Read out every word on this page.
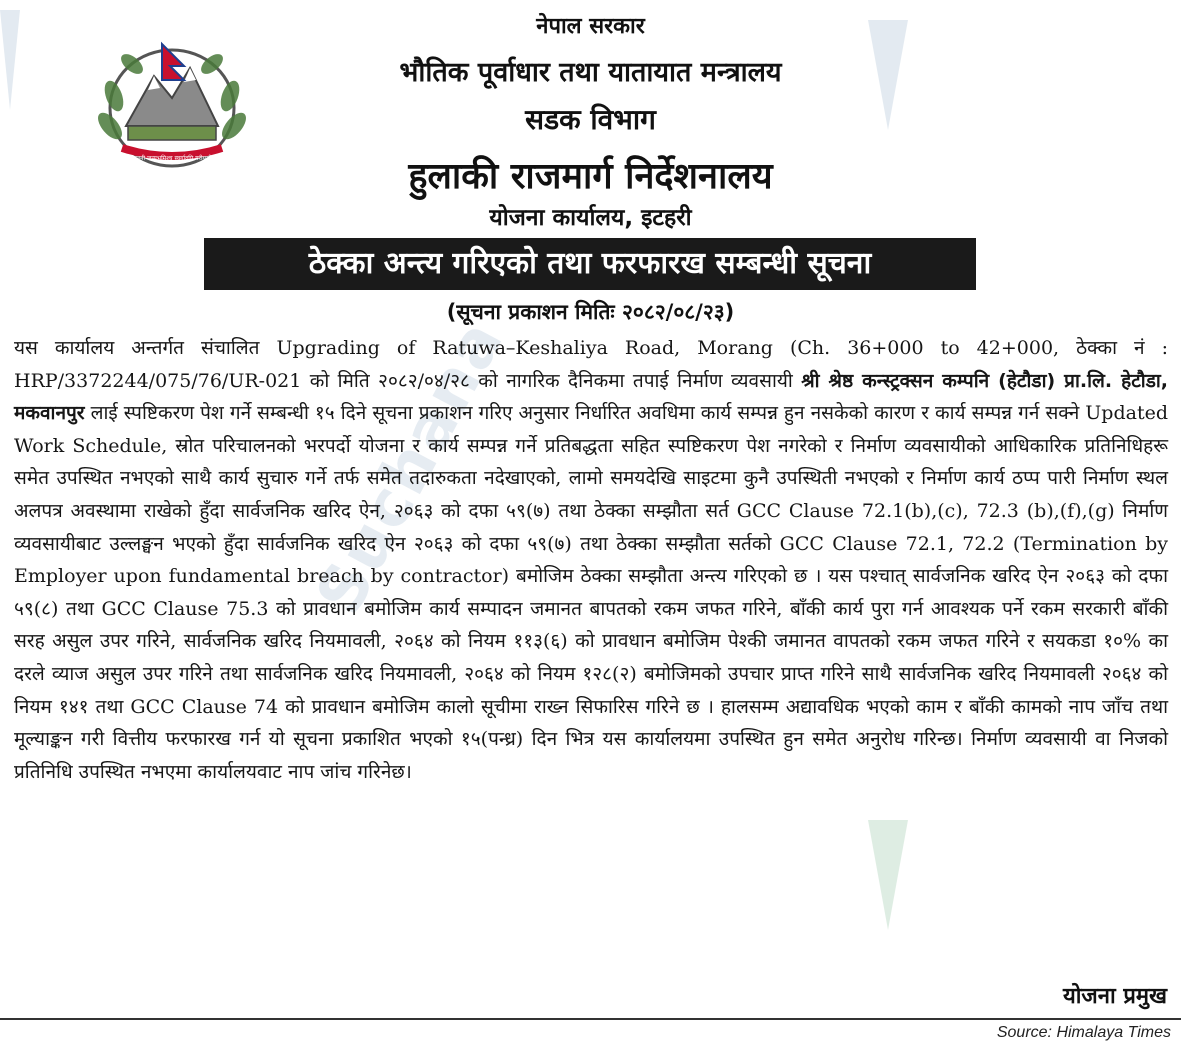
Suchana
जननी जन्मभूमिश्च स्वर्गादपि गरीयसी
नेपाल सरकार
भौतिक पूर्वाधार तथा यातायात मन्त्रालय
सडक विभाग
हुलाकी राजमार्ग निर्देशनालय
योजना कार्यालय, इटहरी
ठेक्का अन्त्य गरिएको तथा फरफारख सम्बन्धी सूचना
(सूचना प्रकाशन मितिः २०८२/०८/२३)
यस कार्यालय अन्तर्गत संचालित Upgrading of Ratuwa–Keshaliya Road, Morang (Ch. 36+000 to 42+000, ठेक्का नं : HRP/3372244/075/76/UR-021 को मिति २०८२/०४/२८ को नागरिक दैनिकमा तपाई निर्माण व्यवसायी श्री श्रेष्ठ कन्स्ट्रक्सन कम्पनि (हेटौडा) प्रा.लि. हेटौडा, मकवानपुर लाई स्पष्टिकरण पेश गर्ने सम्बन्धी १५ दिने सूचना प्रकाशन गरिए अनुसार निर्धारित अवधिमा कार्य सम्पन्न हुन नसकेको कारण र कार्य सम्पन्न गर्न सक्ने Updated Work Schedule, स्रोत परिचालनको भरपर्दो योजना र कार्य सम्पन्न गर्ने प्रतिबद्धता सहित स्पष्टिकरण पेश नगरेको र निर्माण व्यवसायीको आधिकारिक प्रतिनिधिहरू समेत उपस्थित नभएको साथै कार्य सुचारु गर्ने तर्फ समेत तदारुकता नदेखाएको, लामो समयदेखि साइटमा कुनै उपस्थिती नभएको र निर्माण कार्य ठप्प पारी निर्माण स्थल अलपत्र अवस्थामा राखेको हुँदा सार्वजनिक खरिद ऐन, २०६३ को दफा ५९(७) तथा ठेक्का सम्झौता सर्त GCC Clause 72.1(b),(c), 72.3 (b),(f),(g) निर्माण व्यवसायीबाट उल्लङ्घन भएको हुँदा सार्वजनिक खरिद ऐन २०६३ को दफा ५९(७) तथा ठेक्का सम्झौता सर्तको GCC Clause 72.1, 72.2 (Termination by Employer upon fundamental breach by contractor) बमोजिम ठेक्का सम्झौता अन्त्य गरिएको छ । यस पश्चात् सार्वजनिक खरिद ऐन २०६३ को दफा ५९(८) तथा GCC Clause 75.3 को प्रावधान बमोजिम कार्य सम्पादन जमानत बापतको रकम जफत गरिने, बाँकी कार्य पुरा गर्न आवश्यक पर्ने रकम सरकारी बाँकी सरह असुल उपर गरिने, सार्वजनिक खरिद नियमावली, २०६४ को नियम ११३(६) को प्रावधान बमोजिम पेश्की जमानत वापतको रकम जफत गरिने र सयकडा १०% का दरले व्याज असुल उपर गरिने तथा सार्वजनिक खरिद नियमावली, २०६४ को नियम १२८(२) बमोजिमको उपचार प्राप्त गरिने साथै सार्वजनिक खरिद नियमावली २०६४ को नियम १४१ तथा GCC Clause 74 को प्रावधान बमोजिम कालो सूचीमा राख्न सिफारिस गरिने छ । हालसम्म अद्यावधिक भएको काम र बाँकी कामको नाप जाँच तथा मूल्याङ्कन गरी वित्तीय फरफारख गर्न यो सूचना प्रकाशित भएको १५(पन्ध्र) दिन भित्र यस कार्यालयमा उपस्थित हुन समेत अनुरोध गरिन्छ। निर्माण व्यवसायी वा निजको प्रतिनिधि उपस्थित नभएमा कार्यालयवाट नाप जांच गरिनेछ।
योजना प्रमुख
Source: Himalaya Times
